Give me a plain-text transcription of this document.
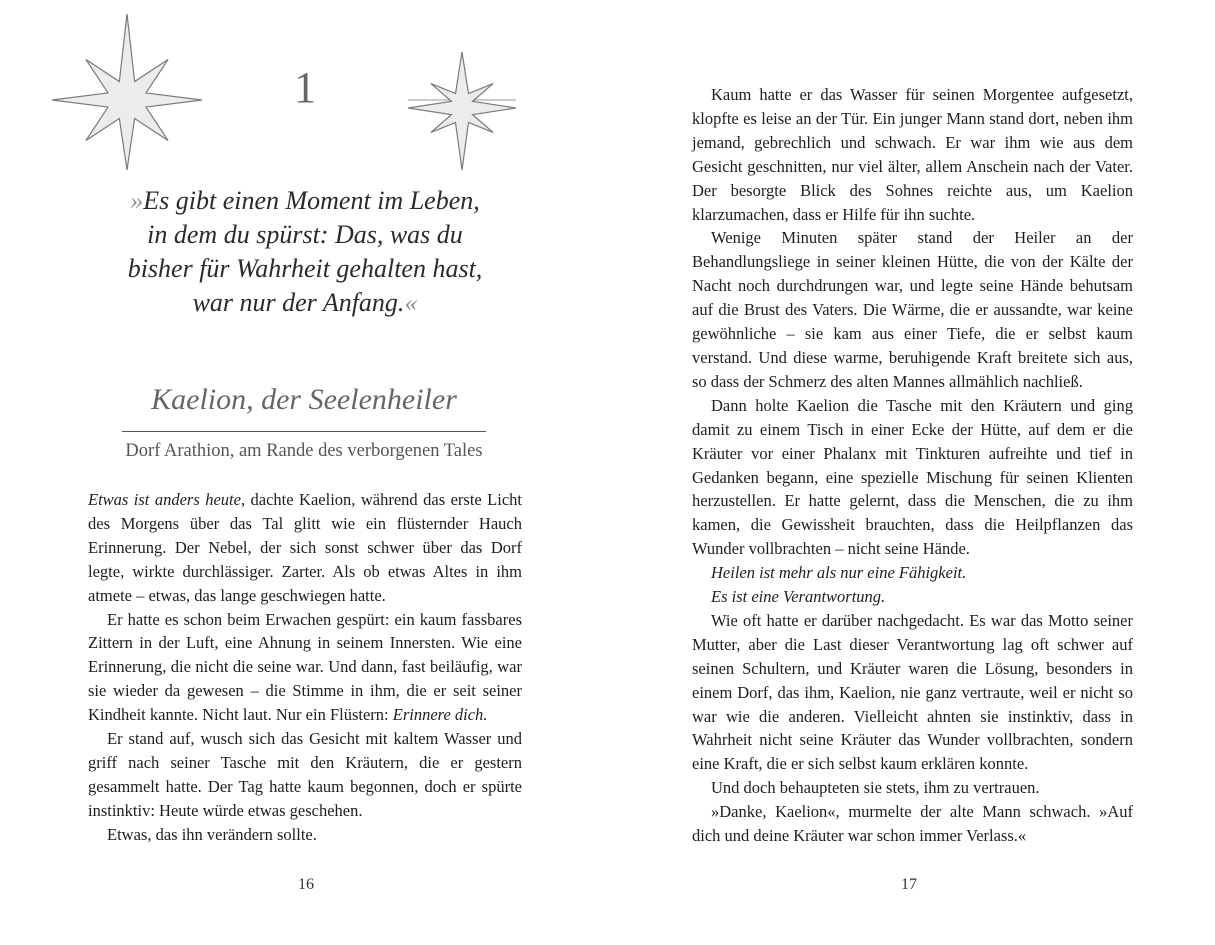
1
»Es gibt einen Moment im Leben,
in dem du spürst: Das, was du
bisher für Wahrheit gehalten hast,
war nur der Anfang.«
Kaelion, der Seelenheiler
Dorf Arathion, am Rande des verborgenen Tales

Etwas ist anders heute, dachte Kaelion, während das erste Licht des Morgens über das Tal glitt wie ein flüsternder Hauch Erinnerung. Der Nebel, der sich sonst schwer über das Dorf legte, wirkte durchlässiger. Zarter. Als ob etwas Altes in ihm atmete – etwas, das lange geschwiegen hatte.

Er hatte es schon beim Erwachen gespürt: ein kaum fassbares Zittern in der Luft, eine Ahnung in seinem Innersten. Wie eine Erinnerung, die nicht die seine war. Und dann, fast beiläufig, war sie wieder da gewesen – die Stimme in ihm, die er seit seiner Kindheit kannte. Nicht laut. Nur ein Flüstern: Erinnere dich.

Er stand auf, wusch sich das Gesicht mit kaltem Wasser und griff nach seiner Tasche mit den Kräutern, die er gestern gesammelt hatte. Der Tag hatte kaum begonnen, doch er spürte instinktiv: Heute würde etwas geschehen.

Etwas, das ihn verändern sollte.

16

Kaum hatte er das Wasser für seinen Morgentee aufgesetzt, klopfte es leise an der Tür. Ein junger Mann stand dort, neben ihm jemand, gebrechlich und schwach. Er war ihm wie aus dem Gesicht geschnitten, nur viel älter, allem Anschein nach der Vater. Der besorgte Blick des Sohnes reichte aus, um Kaelion klarzumachen, dass er Hilfe für ihn suchte.

Wenige Minuten später stand der Heiler an der Behandlungsliege in seiner kleinen Hütte, die von der Kälte der Nacht noch durchdrungen war, und legte seine Hände behutsam auf die Brust des Vaters. Die Wärme, die er aussandte, war keine gewöhnliche – sie kam aus einer Tiefe, die er selbst kaum verstand. Und diese warme, beruhigende Kraft breitete sich aus, so dass der Schmerz des alten Mannes allmählich nachließ.

Dann holte Kaelion die Tasche mit den Kräutern und ging damit zu einem Tisch in einer Ecke der Hütte, auf dem er die Kräuter vor einer Phalanx mit Tinkturen aufreihte und tief in Gedanken begann, eine spezielle Mischung für seinen Klienten herzustellen. Er hatte gelernt, dass die Menschen, die zu ihm kamen, die Gewissheit brauchten, dass die Heilpflanzen das Wunder vollbrachten – nicht seine Hände.

Heilen ist mehr als nur eine Fähigkeit.

Es ist eine Verantwortung.

Wie oft hatte er darüber nachgedacht. Es war das Motto seiner Mutter, aber die Last dieser Verantwortung lag oft schwer auf seinen Schultern, und Kräuter waren die Lösung, besonders in einem Dorf, das ihm, Kaelion, nie ganz vertraute, weil er nicht so war wie die anderen. Vielleicht ahnten sie instinktiv, dass in Wahrheit nicht seine Kräuter das Wunder vollbrachten, sondern eine Kraft, die er sich selbst kaum erklären konnte.

Und doch behaupteten sie stets, ihm zu vertrauen.

»Danke, Kaelion«, murmelte der alte Mann schwach. »Auf dich und deine Kräuter war schon immer Verlass.«

17
